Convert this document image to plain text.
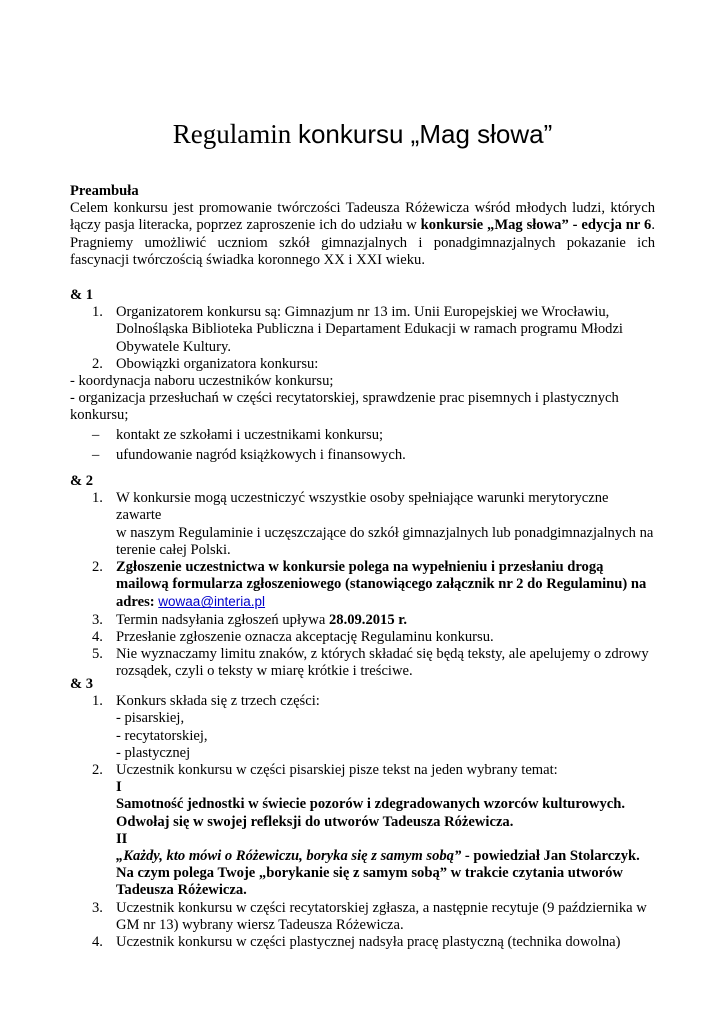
Regulamin konkursu „Mag słowa”
Preambuła
Celem konkursu jest promowanie twórczości Tadeusza Różewicza wśród młodych ludzi, których
łączy pasja literacka, poprzez zaproszenie ich do udziału w konkursie „Mag słowa” - edycja nr 6.
Pragniemy umożliwić uczniom szkół gimnazjalnych i ponadgimnazjalnych pokazanie ich
fascynacji twórczością świadka koronnego XX i XXI wieku.
& 1
1. Organizatorem konkursu są: Gimnazjum nr 13 im. Unii Europejskiej we Wrocławiu,
Dolnośląska Biblioteka Publiczna i Departament Edukacji w ramach programu Młodzi
Obywatele Kultury.
2. Obowiązki organizatora konkursu:
- koordynacja naboru uczestników konkursu;
- organizacja przesłuchań w części recytatorskiej, sprawdzenie prac pisemnych i plastycznych
konkursu;
– kontakt ze szkołami i uczestnikami konkursu;
– ufundowanie nagród książkowych i finansowych.
& 2
1. W konkursie mogą uczestniczyć wszystkie osoby spełniające warunki merytoryczne zawarte
w naszym Regulaminie i uczęszczające do szkół gimnazjalnych lub ponadgimnazjalnych na
terenie całej Polski.
2. Zgłoszenie uczestnictwa w konkursie polega na wypełnieniu i przesłaniu drogą
mailową formularza zgłoszeniowego (stanowiącego załącznik nr 2 do Regulaminu) na
adres: wowaa@interia.pl
3. Termin nadsyłania zgłoszeń upływa 28.09.2015 r.
4. Przesłanie zgłoszenie oznacza akceptację Regulaminu konkursu.
5. Nie wyznaczamy limitu znaków, z których składać się będą teksty, ale apelujemy o zdrowy
rozsądek, czyli o teksty w miarę krótkie i treściwe.
& 3
1. Konkurs składa się z trzech części:
- pisarskiej,
- recytatorskiej,
- plastycznej
2. Uczestnik konkursu w części pisarskiej pisze tekst na jeden wybrany temat:
I
Samotność jednostki w świecie pozorów i zdegradowanych wzorców kulturowych.
Odwołaj się w swojej refleksji do utworów Tadeusza Różewicza.
II
„Każdy, kto mówi o Różewiczu, boryka się z samym sobą” - powiedział Jan Stolarczyk.
Na czym polega Twoje „borykanie się z samym sobą” w trakcie czytania utworów
Tadeusza Różewicza.
3. Uczestnik konkursu w części recytatorskiej zgłasza, a następnie recytuje (9 października w
GM nr 13) wybrany wiersz Tadeusza Różewicza.
4. Uczestnik konkursu w części plastycznej nadsyła pracę plastyczną (technika dowolna)
